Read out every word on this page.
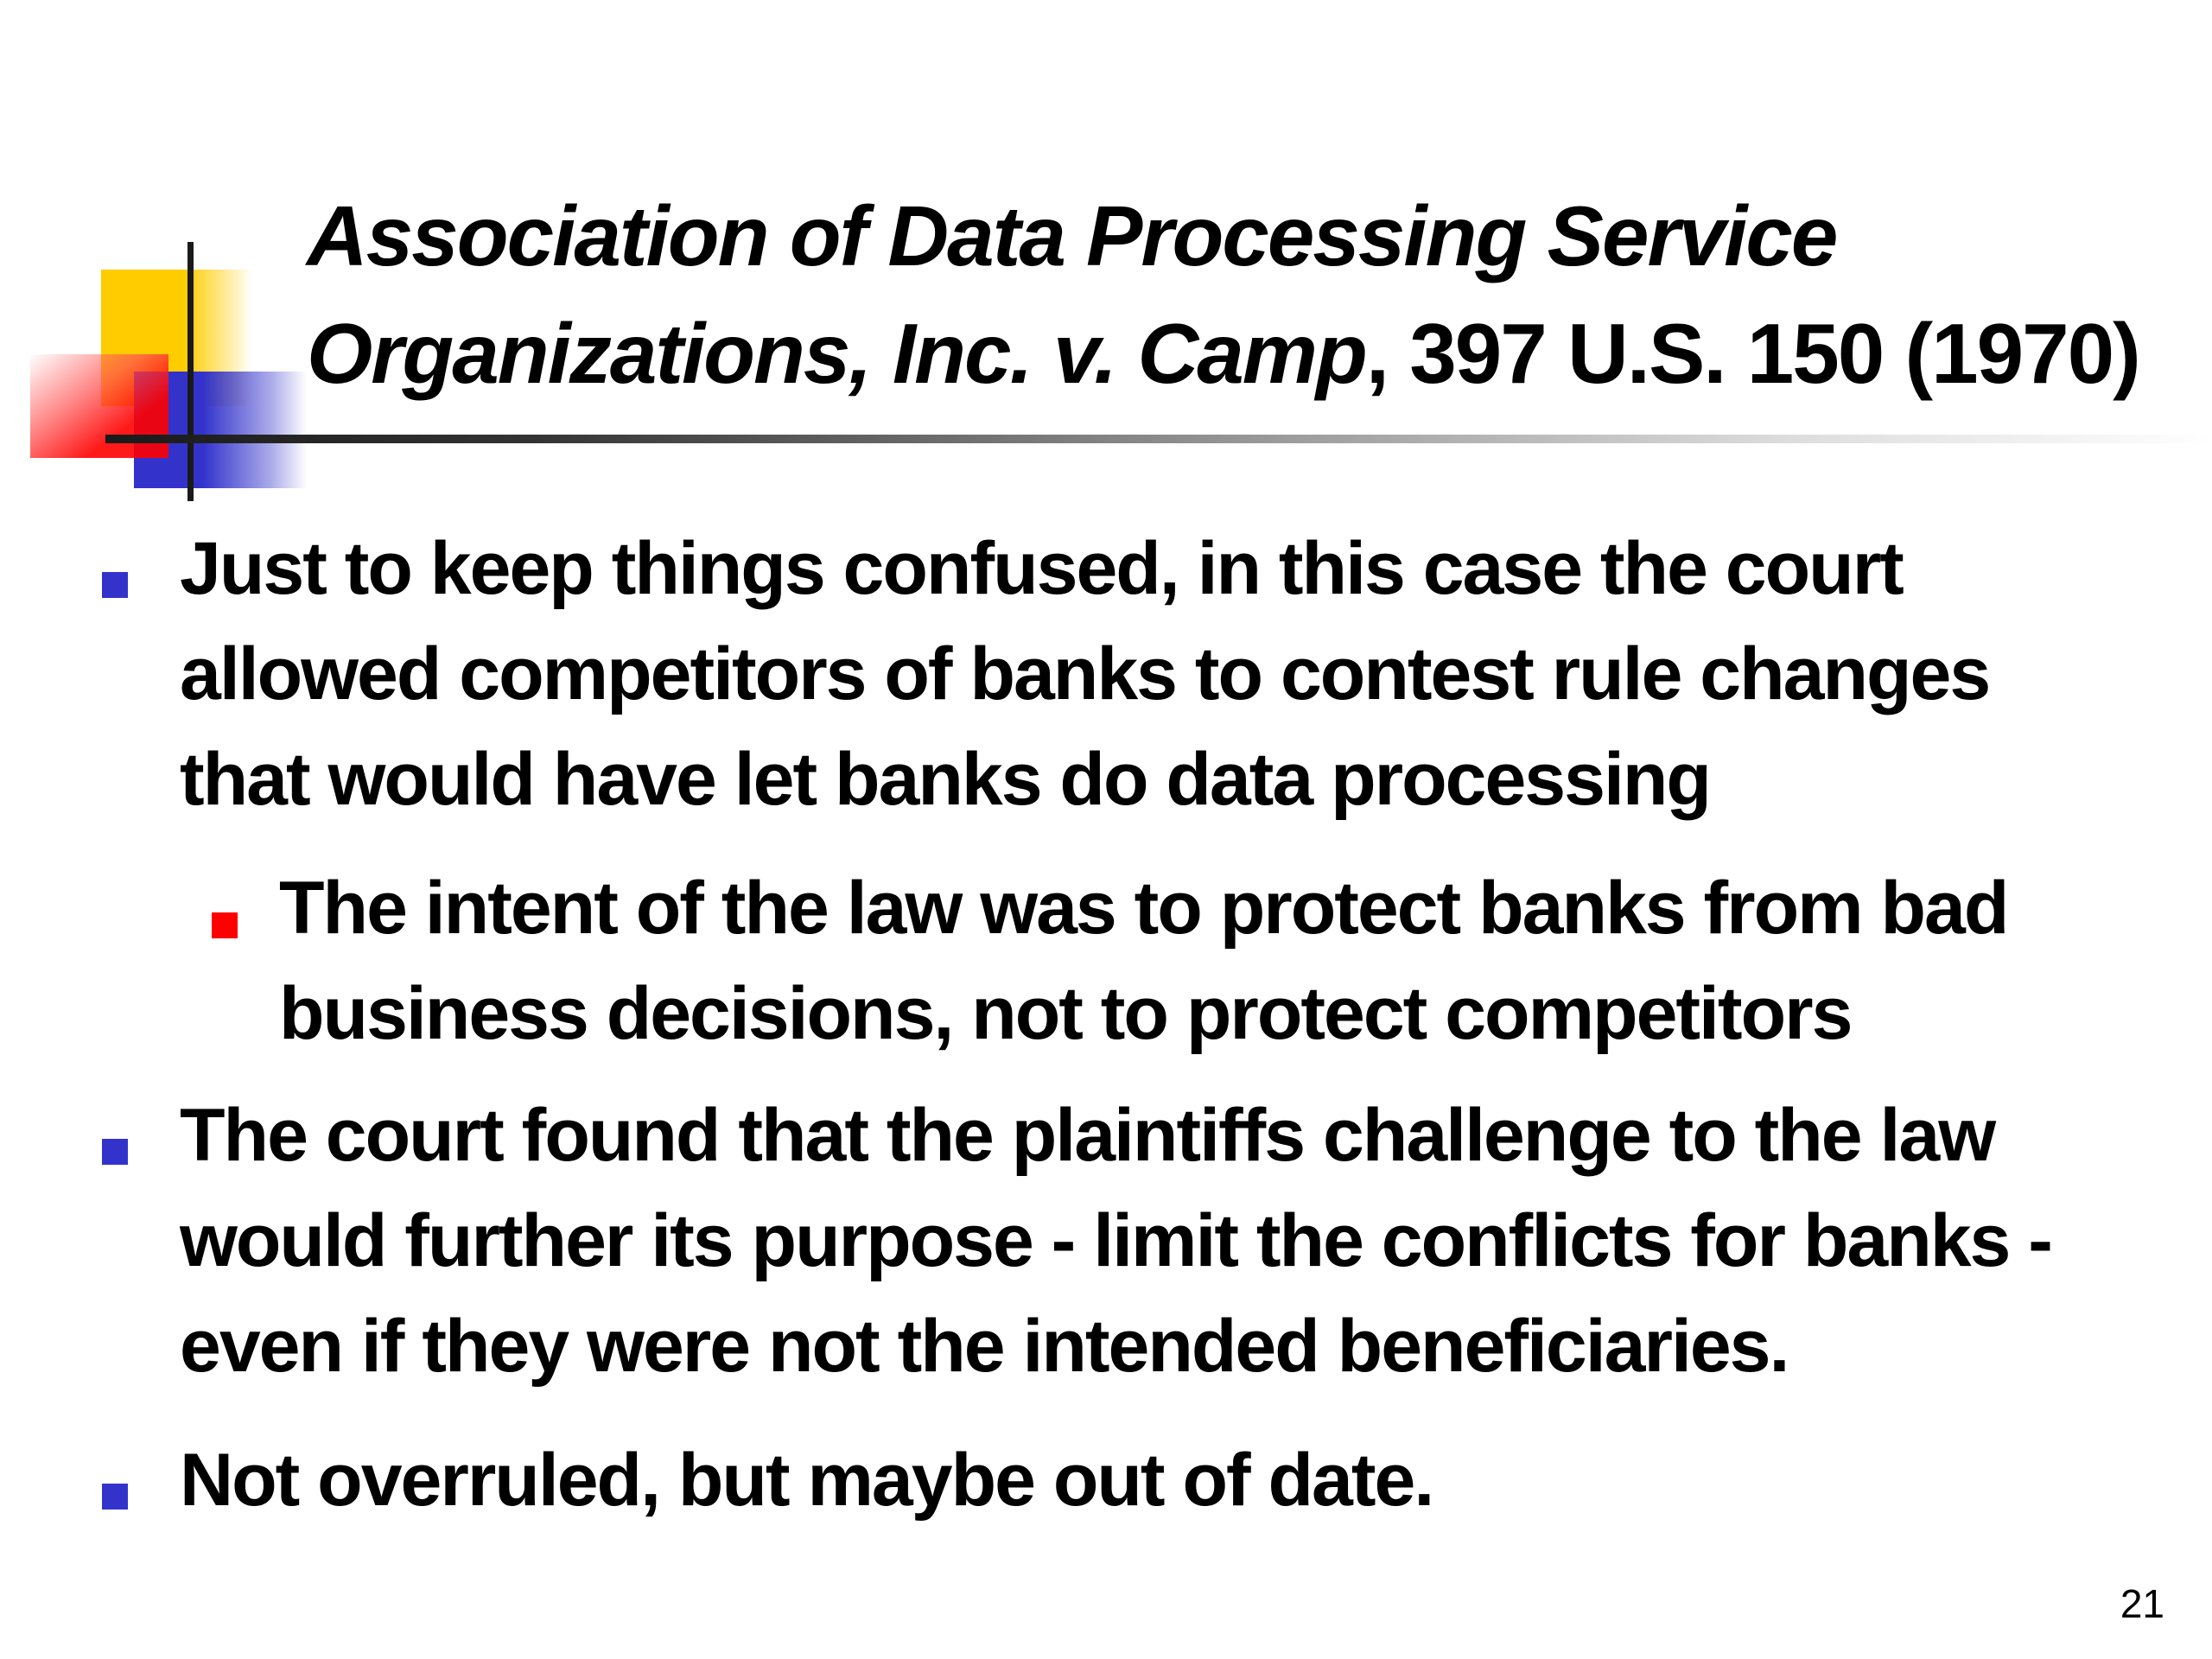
Association of Data Processing Service
Organizations, Inc. v. Camp, 397 U.S. 150 (1970)
Just to keep things confused, in this case the court allowed competitors of banks to contest rule changes that would have let banks do data processing
The intent of the law was to protect banks from bad business decisions, not to protect competitors
The court found that the plaintiffs challenge to the law would further its purpose - limit the conflicts for banks - even if they were not the intended beneficiaries.
Not overruled, but maybe out of date.
21
